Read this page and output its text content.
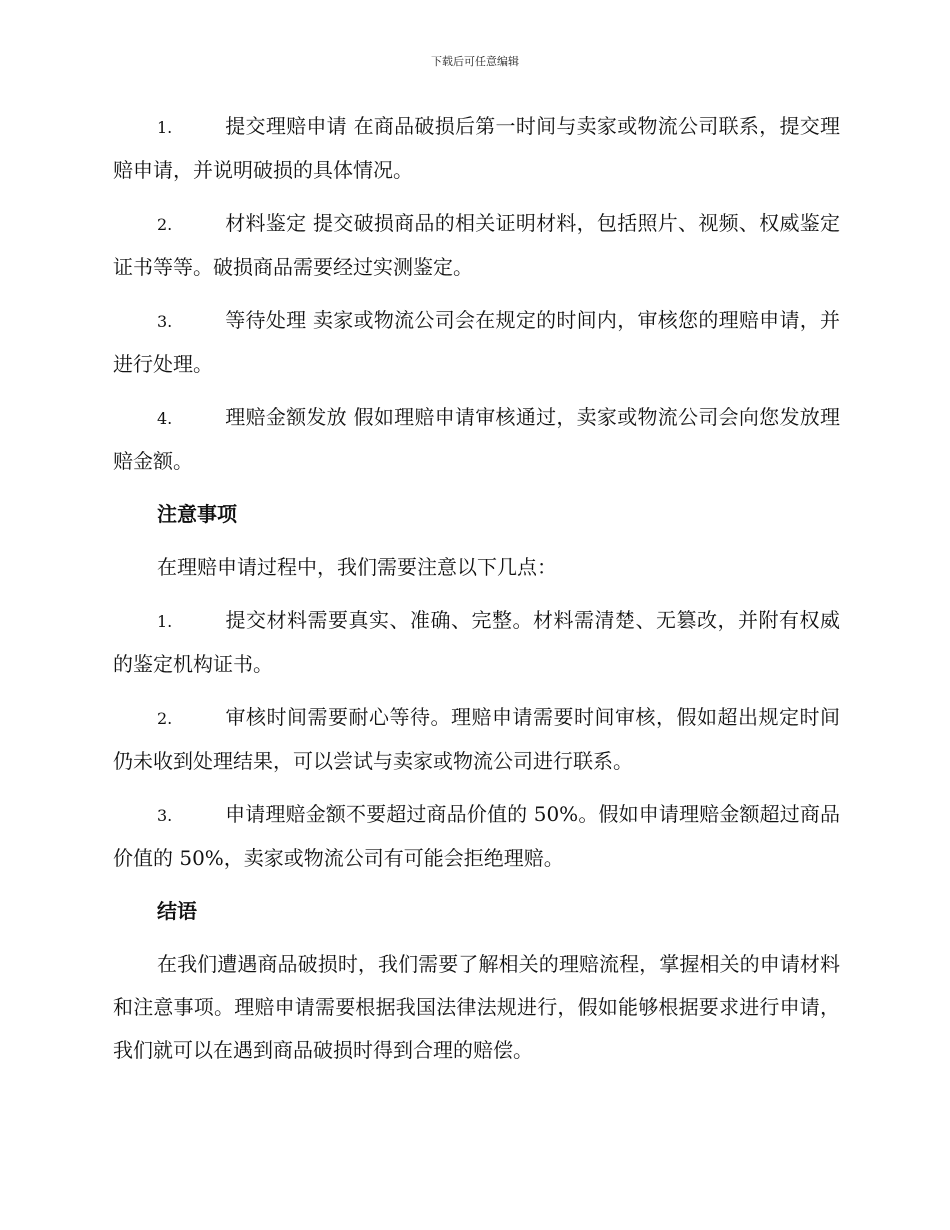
下载后可任意编辑
1.	提交理赔申请 在商品破损后第一时间与卖家或物流公司联系，提交理赔申请，并说明破损的具体情况。
2.	材料鉴定 提交破损商品的相关证明材料，包括照片、视频、权威鉴定证书等等。破损商品需要经过实测鉴定。
3.	等待处理 卖家或物流公司会在规定的时间内，审核您的理赔申请，并进行处理。
4.	理赔金额发放 假如理赔申请审核通过，卖家或物流公司会向您发放理赔金额。
注意事项
在理赔申请过程中，我们需要注意以下几点：
1.	提交材料需要真实、准确、完整。材料需清楚、无篡改，并附有权威的鉴定机构证书。
2.	审核时间需要耐心等待。理赔申请需要时间审核，假如超出规定时间仍未收到处理结果，可以尝试与卖家或物流公司进行联系。
3.	申请理赔金额不要超过商品价值的 50%。假如申请理赔金额超过商品价值的 50%，卖家或物流公司有可能会拒绝理赔。
结语
在我们遭遇商品破损时，我们需要了解相关的理赔流程，掌握相关的申请材料和注意事项。理赔申请需要根据我国法律法规进行，假如能够根据要求进行申请，我们就可以在遇到商品破损时得到合理的赔偿。
